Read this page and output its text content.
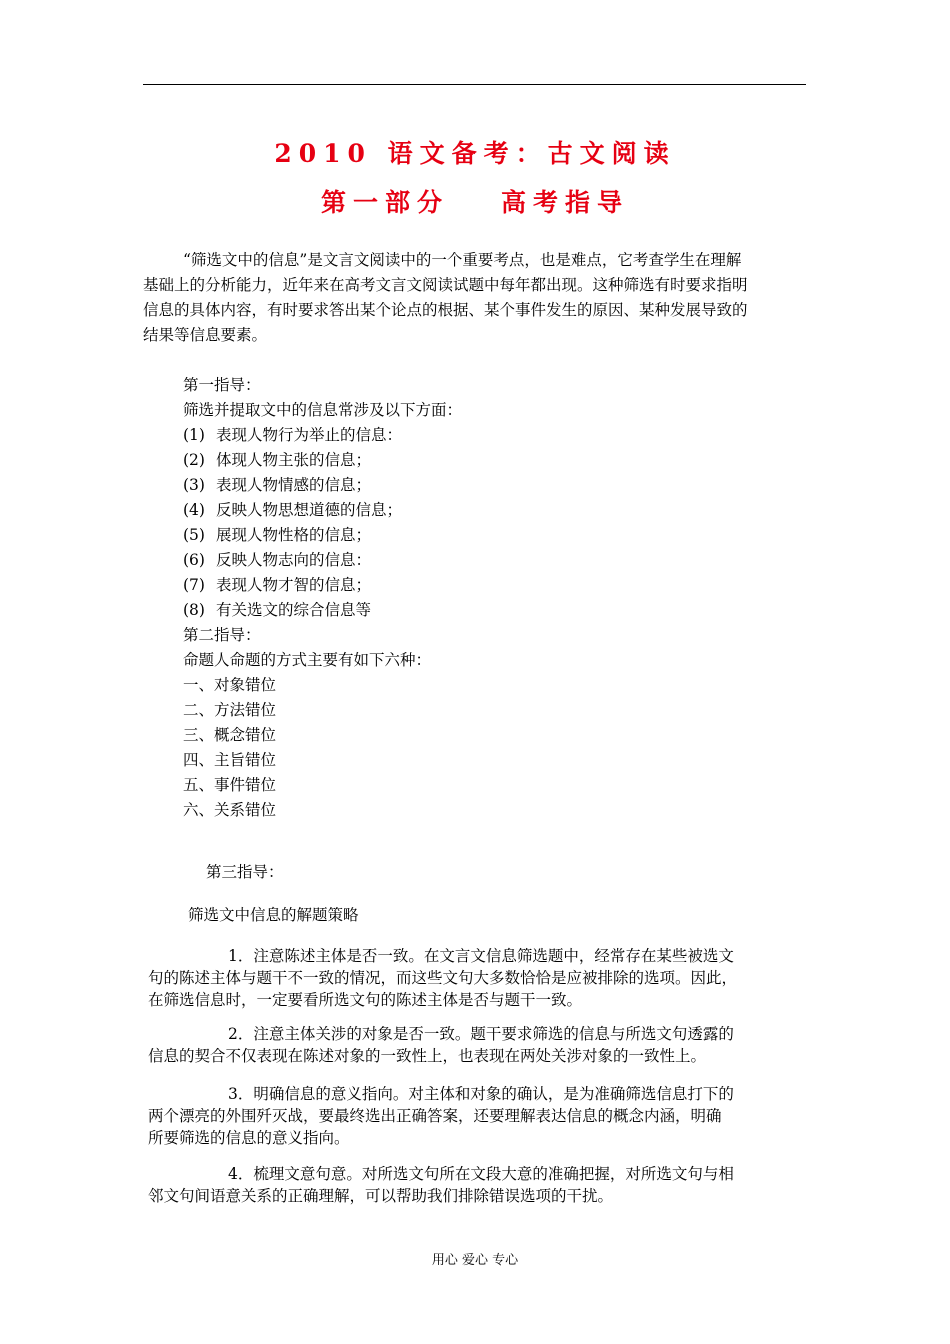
2010 语文备考：古文阅读
第一部分 高考指导
“筛选文中的信息”是文言文阅读中的一个重要考点，也是难点，它考查学生在理解
基础上的分析能力，近年来在高考文言文阅读试题中每年都出现。这种筛选有时要求指明
信息的具体内容，有时要求答出某个论点的根据、某个事件发生的原因、某种发展导致的
结果等信息要素。
第一指导：
筛选并提取文中的信息常涉及以下方面：
(1) 表现人物行为举止的信息：
(2) 体现人物主张的信息；
(3) 表现人物情感的信息；
(4) 反映人物思想道德的信息；
(5) 展现人物性格的信息；
(6) 反映人物志向的信息：
(7) 表现人物才智的信息；
(8) 有关选文的综合信息等
第二指导：
命题人命题的方式主要有如下六种：
一、对象错位
二、方法错位
三、概念错位
四、主旨错位
五、事件错位
六、关系错位
第三指导：
筛选文中信息的解题策略
1．注意陈述主体是否一致。在文言文信息筛选题中，经常存在某些被选文
句的陈述主体与题干不一致的情况，而这些文句大多数恰恰是应被排除的选项。因此，
在筛选信息时，一定要看所选文句的陈述主体是否与题干一致。
2．注意主体关涉的对象是否一致。题干要求筛选的信息与所选文句透露的
信息的契合不仅表现在陈述对象的一致性上，也表现在两处关涉对象的一致性上。
3．明确信息的意义指向。对主体和对象的确认，是为准确筛选信息打下的
两个漂亮的外围歼灭战，要最终选出正确答案，还要理解表达信息的概念内涵，明确
所要筛选的信息的意义指向。
4．梳理文意句意。对所选文句所在文段大意的准确把握，对所选文句与相
邻文句间语意关系的正确理解，可以帮助我们排除错误选项的干扰。
用心 爱心 专心
